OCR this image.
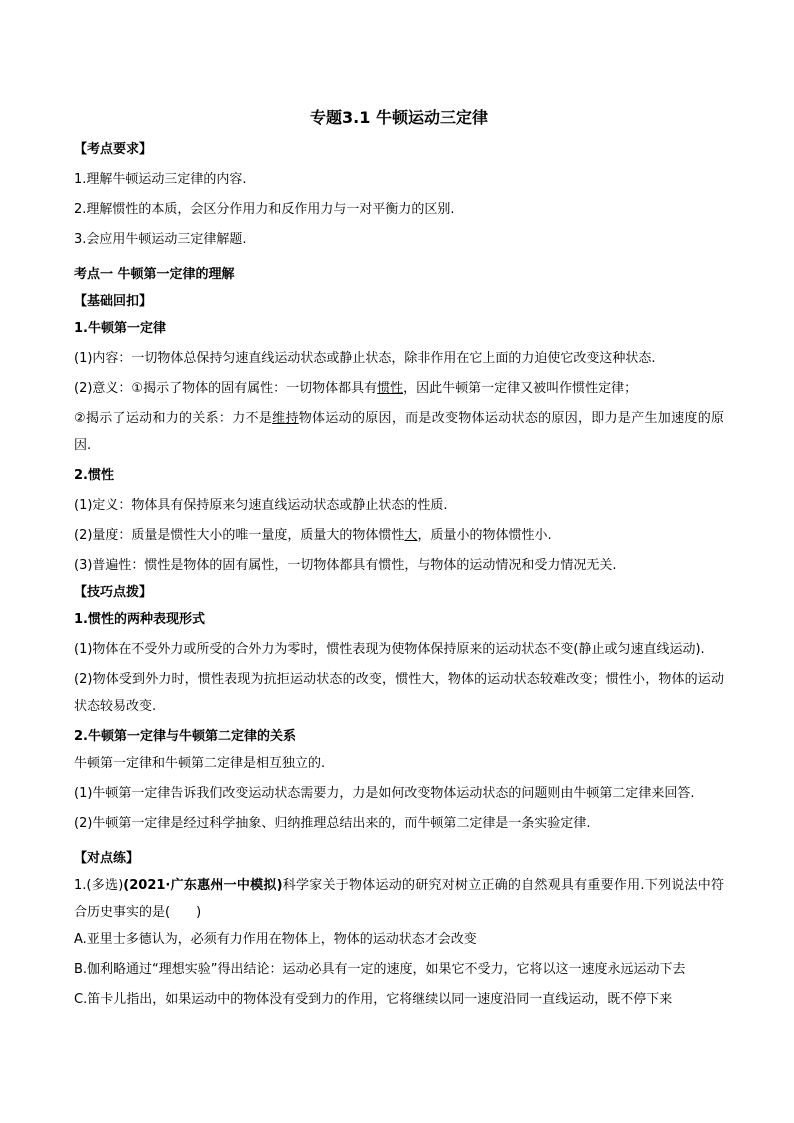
专题3.1 牛顿运动三定律
【考点要求】
1.理解牛顿运动三定律的内容.
2.理解惯性的本质，会区分作用力和反作用力与一对平衡力的区别.
3.会应用牛顿运动三定律解题.
考点一 牛顿第一定律的理解
【基础回扣】
1.牛顿第一定律
(1)内容：一切物体总保持匀速直线运动状态或静止状态，除非作用在它上面的力迫使它改变这种状态.
(2)意义：①揭示了物体的固有属性：一切物体都具有惯性，因此牛顿第一定律又被叫作惯性定律；
②揭示了运动和力的关系：力不是维持物体运动的原因，而是改变物体运动状态的原因，即力是产生加速度的原因.
2.惯性
(1)定义：物体具有保持原来匀速直线运动状态或静止状态的性质.
(2)量度：质量是惯性大小的唯一量度，质量大的物体惯性大，质量小的物体惯性小.
(3)普遍性：惯性是物体的固有属性，一切物体都具有惯性，与物体的运动情况和受力情况无关.
【技巧点拨】
1.惯性的两种表现形式
(1)物体在不受外力或所受的合外力为零时，惯性表现为使物体保持原来的运动状态不变(静止或匀速直线运动).
(2)物体受到外力时，惯性表现为抗拒运动状态的改变，惯性大，物体的运动状态较难改变；惯性小，物体的运动状态较易改变.
2.牛顿第一定律与牛顿第二定律的关系
牛顿第一定律和牛顿第二定律是相互独立的.
(1)牛顿第一定律告诉我们改变运动状态需要力，力是如何改变物体运动状态的问题则由牛顿第二定律来回答.
(2)牛顿第一定律是经过科学抽象、归纳推理总结出来的，而牛顿第二定律是一条实验定律.
【对点练】
1.(多选)(2021·广东惠州一中模拟)科学家关于物体运动的研究对树立正确的自然观具有重要作用.下列说法中符合历史事实的是(　　)
A.亚里士多德认为，必须有力作用在物体上，物体的运动状态才会改变
B.伽利略通过“理想实验”得出结论：运动必具有一定的速度，如果它不受力，它将以这一速度永远运动下去
C.笛卡儿指出，如果运动中的物体没有受到力的作用，它将继续以同一速度沿同一直线运动，既不停下来
